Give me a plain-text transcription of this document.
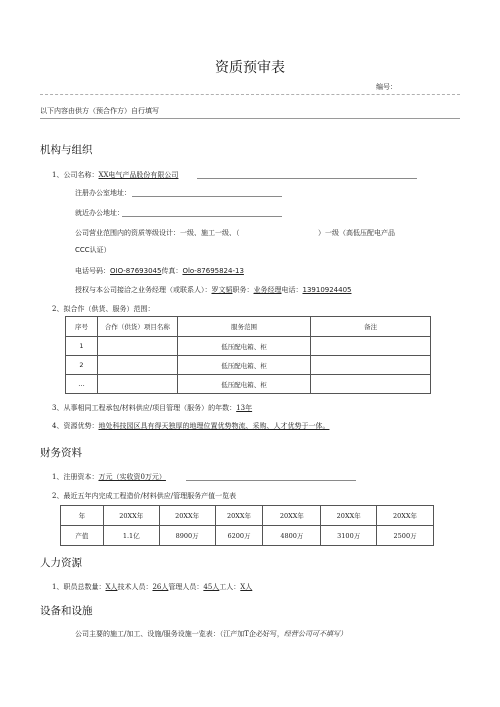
资质预审表
编号：
以下内容由供方（预合作方）自行填写
机构与组织
1、公司名称：XX电气产品股份有限公司
注册办公室地址：
就近办公地址：
公司营业范围内的资质等级设计：一级、施工一级、（	）一级（高低压配电产品
CCC认证）
电话号码：OIO-87693045传真：Olo-87695824-13
授权与本公司接洽之业务经理（或联系人）：罗文韬职务：业务经理电话：13910924405
2、拟合作（供货、服务）范围：
序号	合作（供货）项目名称	服务范围	备注
1		低压配电箱、柜	
2		低压配电箱、柜	
…		低压配电箱、柜	
3、从事相同工程承包/材料供应/项目管理（服务）的年数：13年
4、资源优势：地处科技园区具有得天独厚的地理位置优势物流、采购、人才优势于一体。
财务资料
1、注册资本：万元（实收资0万元）
2、最近五年内完成工程造价/材料供应/管理服务产值一览表
年	20XX年	20XX年	20XX年	20XX年	20XX年	20XX年
产值	1.1亿	8900万	6200万	4800万	3100万	2500万
人力资源
1、职员总数量：X人技术人员：26人管理人员：45人工人：X人
设备和设施
公司主要的施工/加工、设施/服务设施一览表：（江产加T企必好写，经营公司可不填写）
